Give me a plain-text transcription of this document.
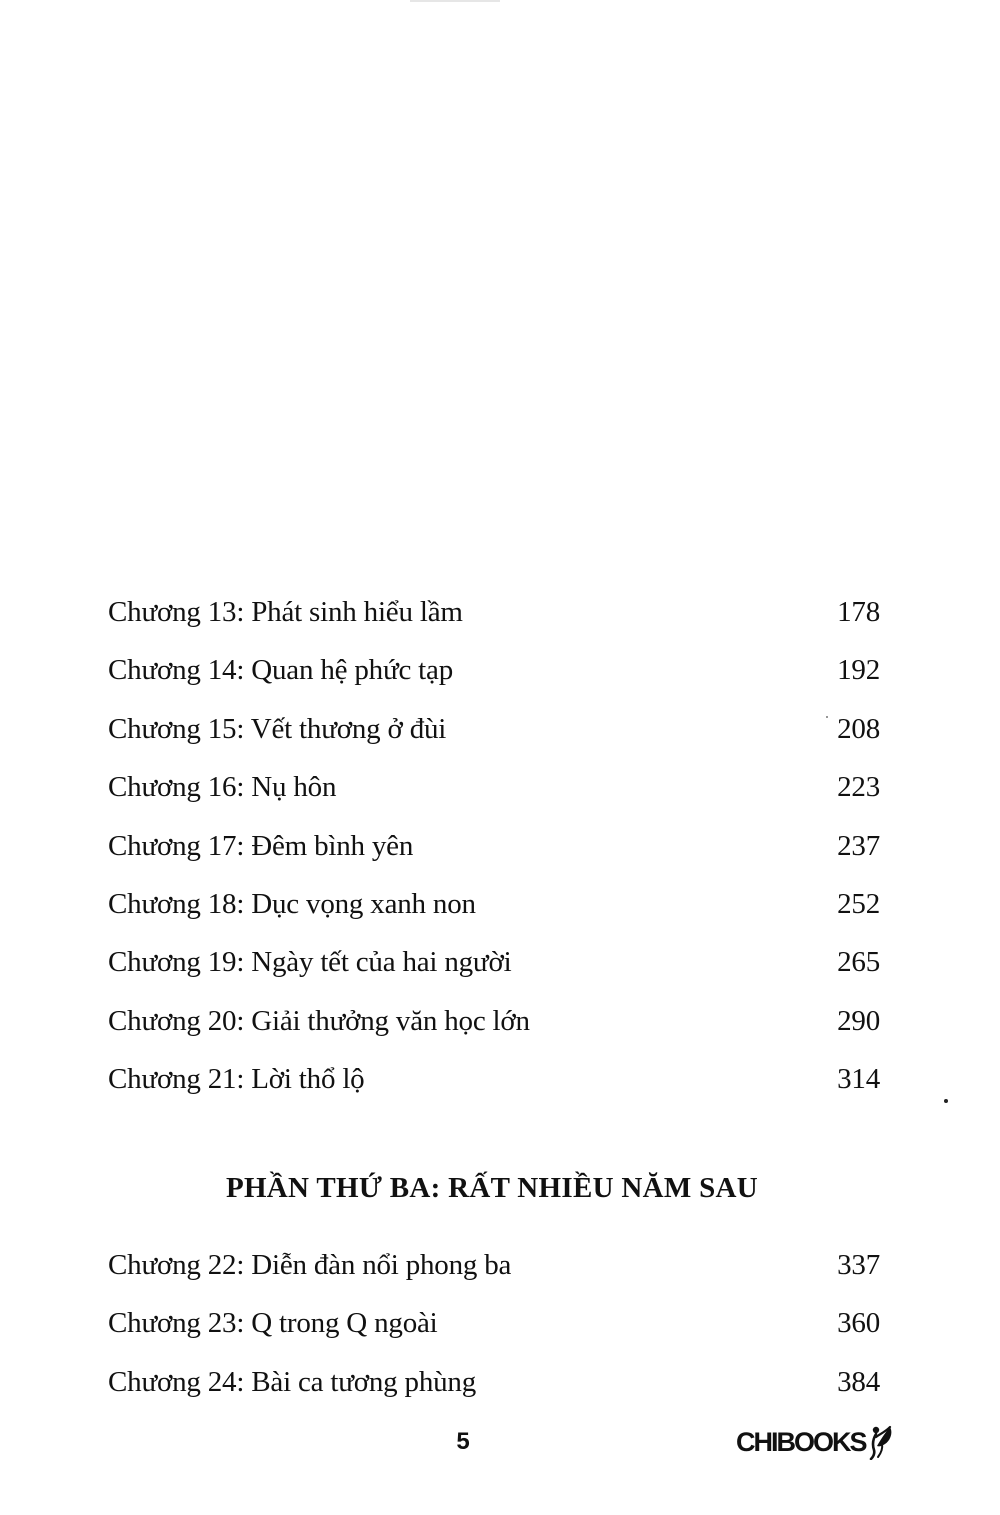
Chương 13: Phát sinh hiểu lầm	178
Chương 14: Quan hệ phức tạp	192
Chương 15: Vết thương ở đùi	208
Chương 16: Nụ hôn	223
Chương 17: Đêm bình yên	237
Chương 18: Dục vọng xanh non	252
Chương 19: Ngày tết của hai người	265
Chương 20: Giải thưởng văn học lớn	290
Chương 21: Lời thổ lộ	314
PHẦN THỨ BA: RẤT NHIỀU NĂM SAU
Chương 22: Diễn đàn nổi phong ba	337
Chương 23: Q trong Q ngoài	360
Chương 24: Bài ca tương phùng	384
5	CHIBOOKS
